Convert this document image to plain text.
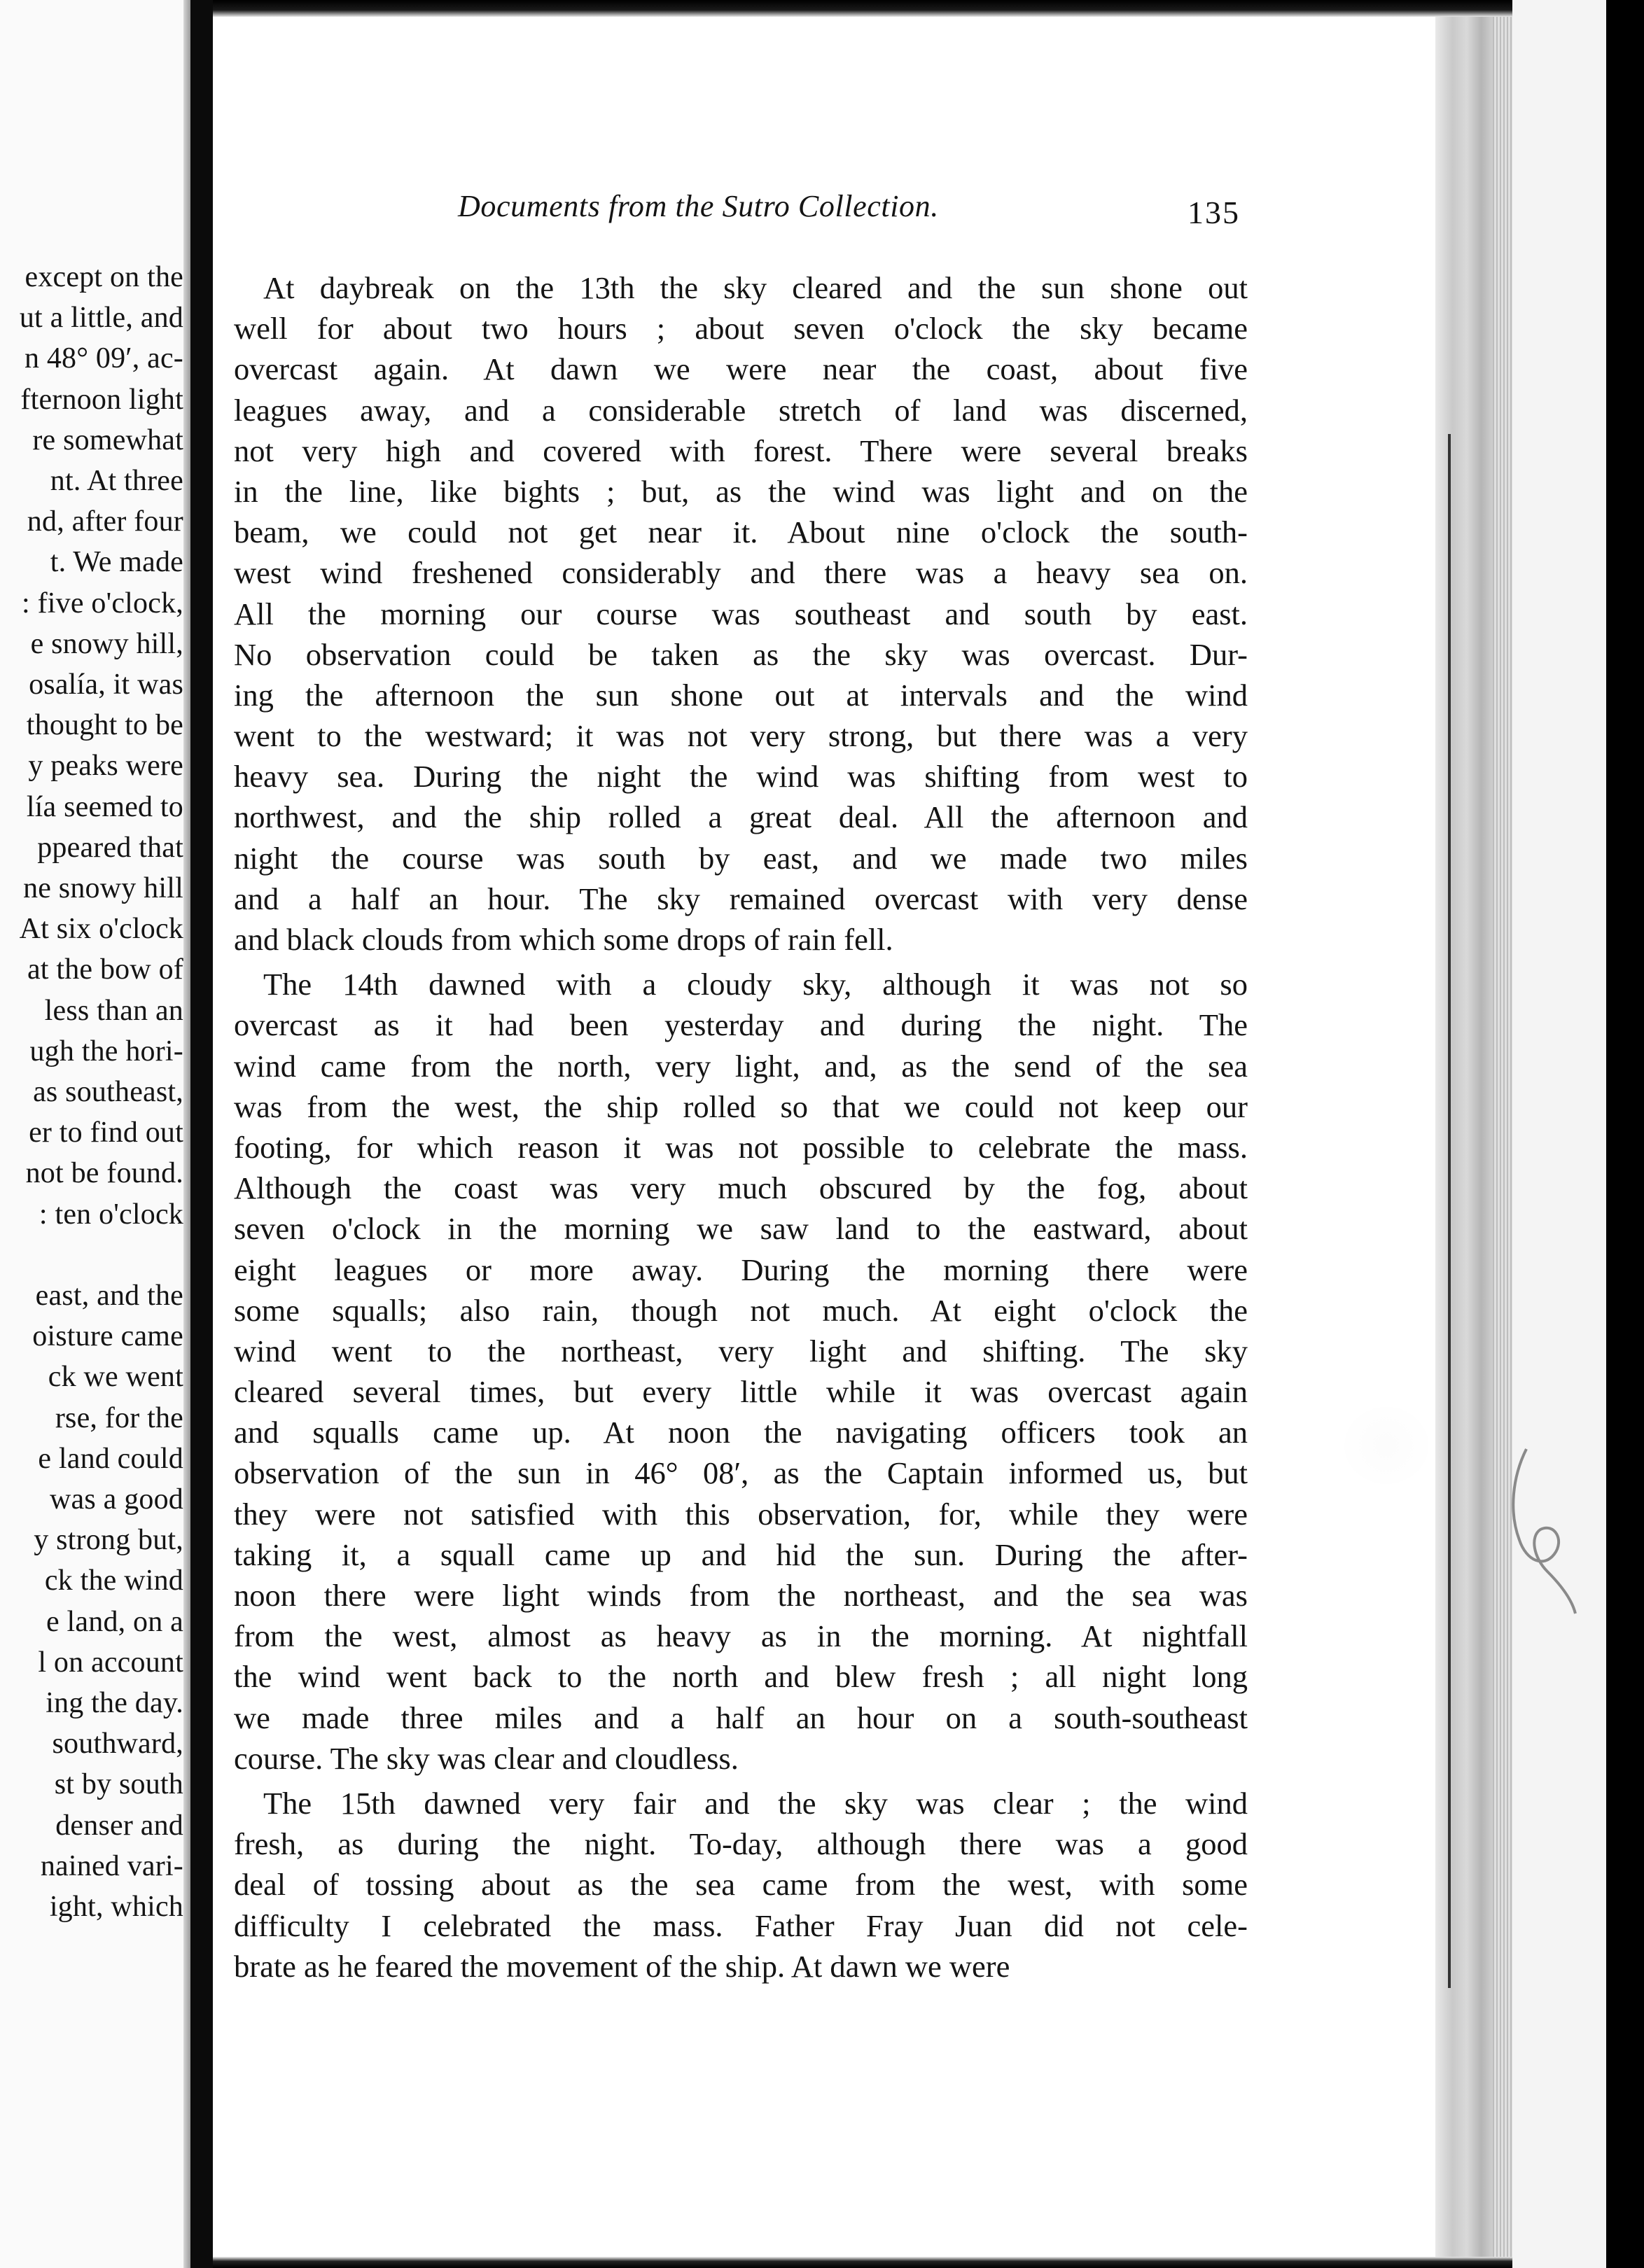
except on the
ut a little, and
n 48° 09′, ac-
fternoon light
re somewhat
nt. At three
nd, after four
t. We made
: five o'clock,
e snowy hill,
osalía, it was
thought to be
y peaks were
lía seemed to
ppeared that
ne snowy hill
At six o'clock
at the bow of
less than an
ugh the hori-
as southeast,
er to find out
not be found.
: ten o'clock
east, and the
oisture came
ck we went
rse, for the
e land could
was a good
y strong but,
ck the wind
e land, on a
l on account
ing the day.
southward,
st by south
denser and
nained vari-
ight, which
Documents from the Sutro Collection.	135
At daybreak on the 13th the sky cleared and the sun shone out
well for about two hours ; about seven o'clock the sky became
overcast again. At dawn we were near the coast, about five
leagues away, and a considerable stretch of land was discerned,
not very high and covered with forest. There were several breaks
in the line, like bights ; but, as the wind was light and on the
beam, we could not get near it. About nine o'clock the south-
west wind freshened considerably and there was a heavy sea on.
All the morning our course was southeast and south by east.
No observation could be taken as the sky was overcast. Dur-
ing the afternoon the sun shone out at intervals and the wind
went to the westward; it was not very strong, but there was a very
heavy sea. During the night the wind was shifting from west to
northwest, and the ship rolled a great deal. All the afternoon and
night the course was south by east, and we made two miles
and a half an hour. The sky remained overcast with very dense
and black clouds from which some drops of rain fell.
The 14th dawned with a cloudy sky, although it was not so
overcast as it had been yesterday and during the night. The
wind came from the north, very light, and, as the send of the sea
was from the west, the ship rolled so that we could not keep our
footing, for which reason it was not possible to celebrate the mass.
Although the coast was very much obscured by the fog, about
seven o'clock in the morning we saw land to the eastward, about
eight leagues or more away. During the morning there were
some squalls; also rain, though not much. At eight o'clock the
wind went to the northeast, very light and shifting. The sky
cleared several times, but every little while it was overcast again
and squalls came up. At noon the navigating officers took an
observation of the sun in 46° 08′, as the Captain informed us, but
they were not satisfied with this observation, for, while they were
taking it, a squall came up and hid the sun. During the after-
noon there were light winds from the northeast, and the sea was
from the west, almost as heavy as in the morning. At nightfall
the wind went back to the north and blew fresh ; all night long
we made three miles and a half an hour on a south-southeast
course. The sky was clear and cloudless.
The 15th dawned very fair and the sky was clear ; the wind
fresh, as during the night. To-day, although there was a good
deal of tossing about as the sea came from the west, with some
difficulty I celebrated the mass. Father Fray Juan did not cele-
brate as he feared the movement of the ship. At dawn we were
